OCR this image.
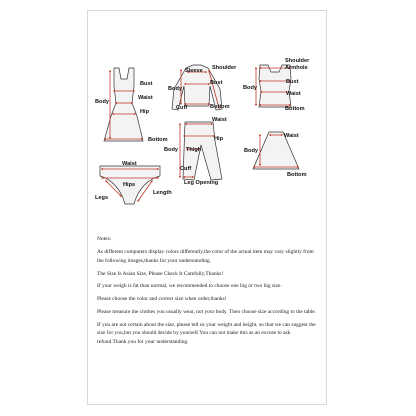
Bust
Waist
Hip
Body
Bottom
Sleeve Shoulder
Bust
Body
Cuff	Bottom
Shoulder
Armhole
Bust
Waist
Body
Bottom
Waist
Hip
Body Thigh
Cuff
Leg Opening
Waist
Body
Bottom
Waist
Hips
Legs
Length

Notes:

As different computers display colors differeutly,the color of the actual item may vary slightly from the following images,thanks for your understanding.

The Size Is Asian Size, Please Check It Carefully,Thanks!

If your weigh is fat than normal, we recommended to choose one big or two big size.

Please choose the color and correct size when order,thanks!

Please measure the clothes you usually wear, not your body. Then choose size according to the table.

If you are not certain about the size, please tell us your weight and height, so that we can suggest the size for you,but you should decide by yourself.You can not make this as an excuse to ask refund.Thank you for your understanding.
